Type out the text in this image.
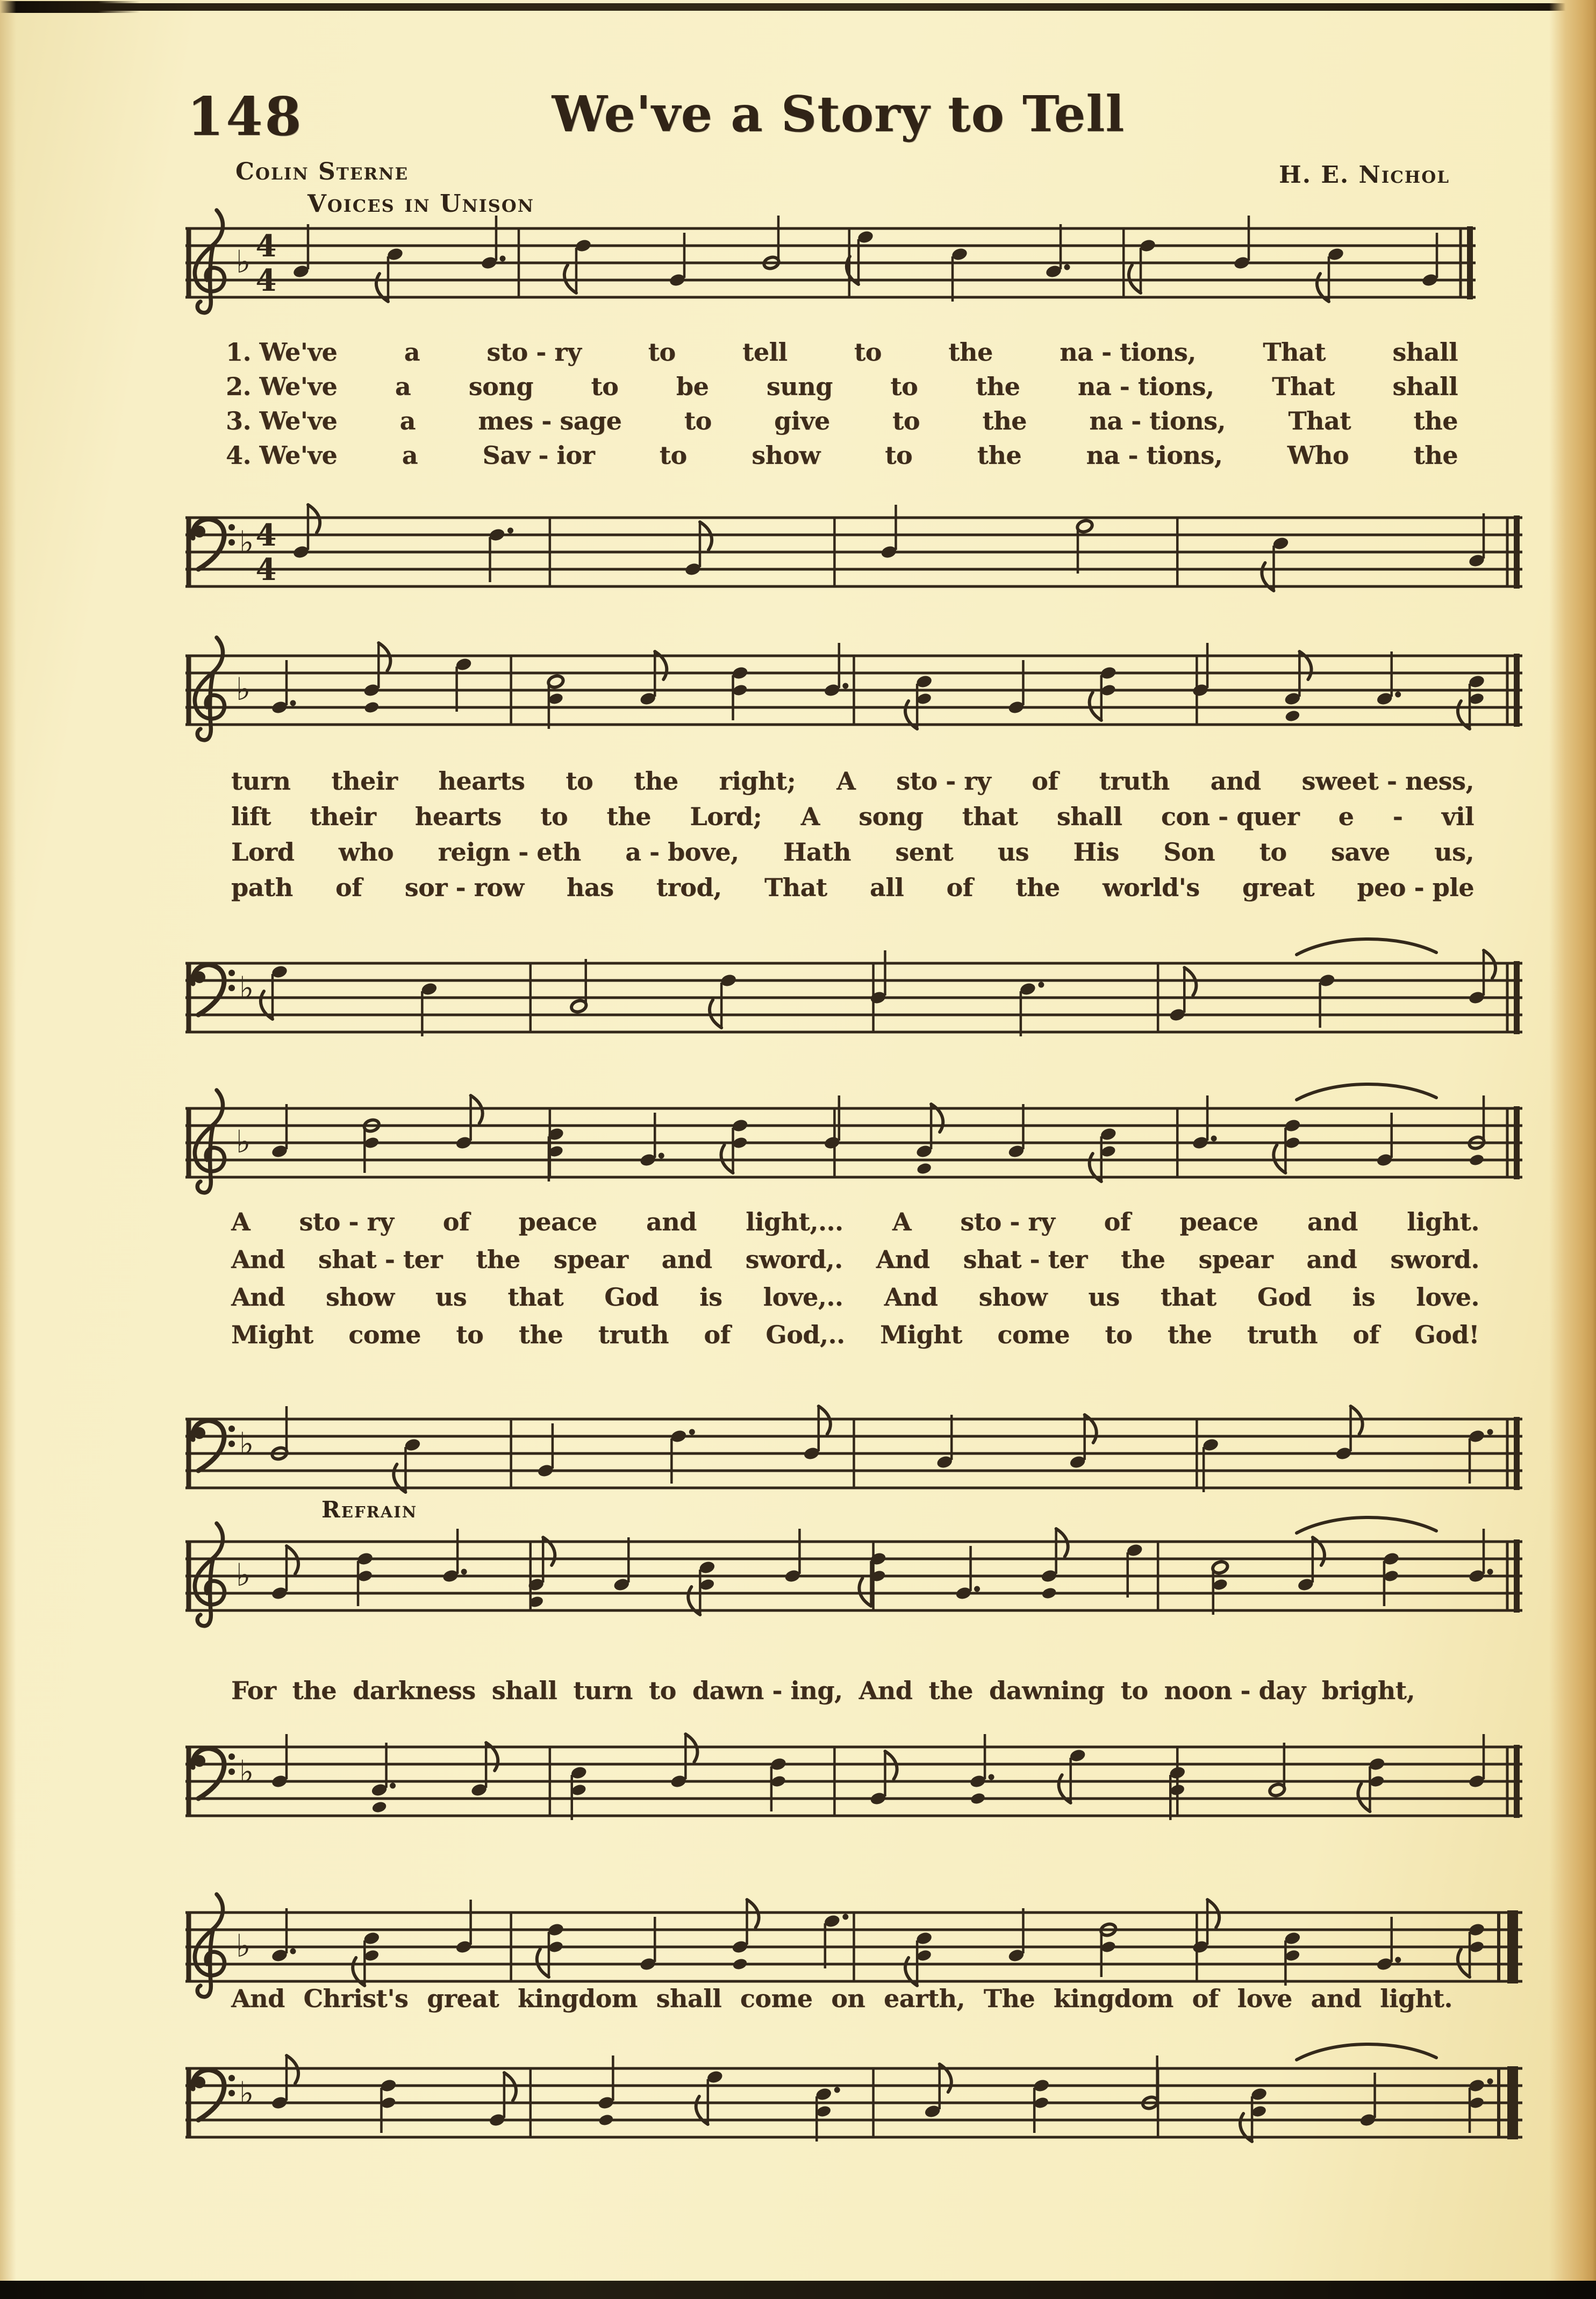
148	We've a Story to Tell
Colin Sterne	H. E. Nichol
Voices in Unison
Refrain
♭ 4
4
♭ 4
4
♭
♭
♭
♭
♭
♭
♭
♭
1. We've	a	sto - ry	to	tell	to	the	na - tions,	That	shall
2. We've a song to be sung to the na - tions, That shall
3. We've	a	mes - sage	to	give	to	the	na - tions,	That	the
4. We've	a	Sav - ior	to	show	to	the	na - tions,	Who	the
turn their hearts to the right; A sto - ry of truth and sweet - ness,
lift their hearts to the Lord; A song that shall con - quer e - vil
Lord who reign - eth a - bove, Hath sent us His Son to save us,
path of sor - row has trod, That all of the world's great peo - ple
A sto - ry of peace and light,... A sto - ry of peace and light.
And shat - ter the spear and sword,. And shat - ter the spear and sword.
And show us that God is love,.. And show us that God is love.
Might come to the truth of God,.. Might come to the truth of God!
For the darkness shall turn to dawn - ing, And the dawning to noon - day bright,
And Christ's great kingdom shall come on earth, The kingdom of love and light.
